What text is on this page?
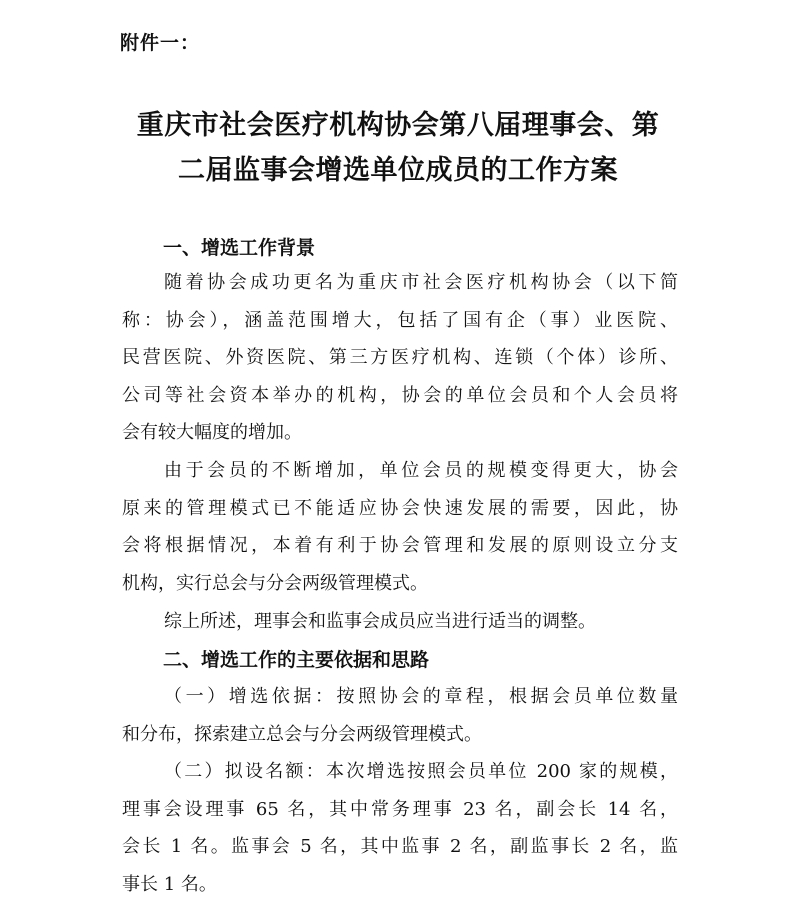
附件一：
重庆市社会医疗机构协会第八届理事会、第
二届监事会增选单位成员的工作方案
一、增选工作背景
随着协会成功更名为重庆市社会医疗机构协会（以下简
称：协会），涵盖范围增大，包括了国有企（事）业医院、
民营医院、外资医院、第三方医疗机构、连锁（个体）诊所、
公司等社会资本举办的机构，协会的单位会员和个人会员将
会有较大幅度的增加。
由于会员的不断增加，单位会员的规模变得更大，协会
原来的管理模式已不能适应协会快速发展的需要，因此，协
会将根据情况，本着有利于协会管理和发展的原则设立分支
机构，实行总会与分会两级管理模式。
综上所述，理事会和监事会成员应当进行适当的调整。
二、增选工作的主要依据和思路
（一）增选依据：按照协会的章程，根据会员单位数量
和分布，探索建立总会与分会两级管理模式。
（二）拟设名额：本次增选按照会员单位 200 家的规模，
理事会设理事 65 名，其中常务理事 23 名，副会长 14 名，
会长 1 名。监事会 5 名，其中监事 2 名，副监事长 2 名，监
事长 1 名。
